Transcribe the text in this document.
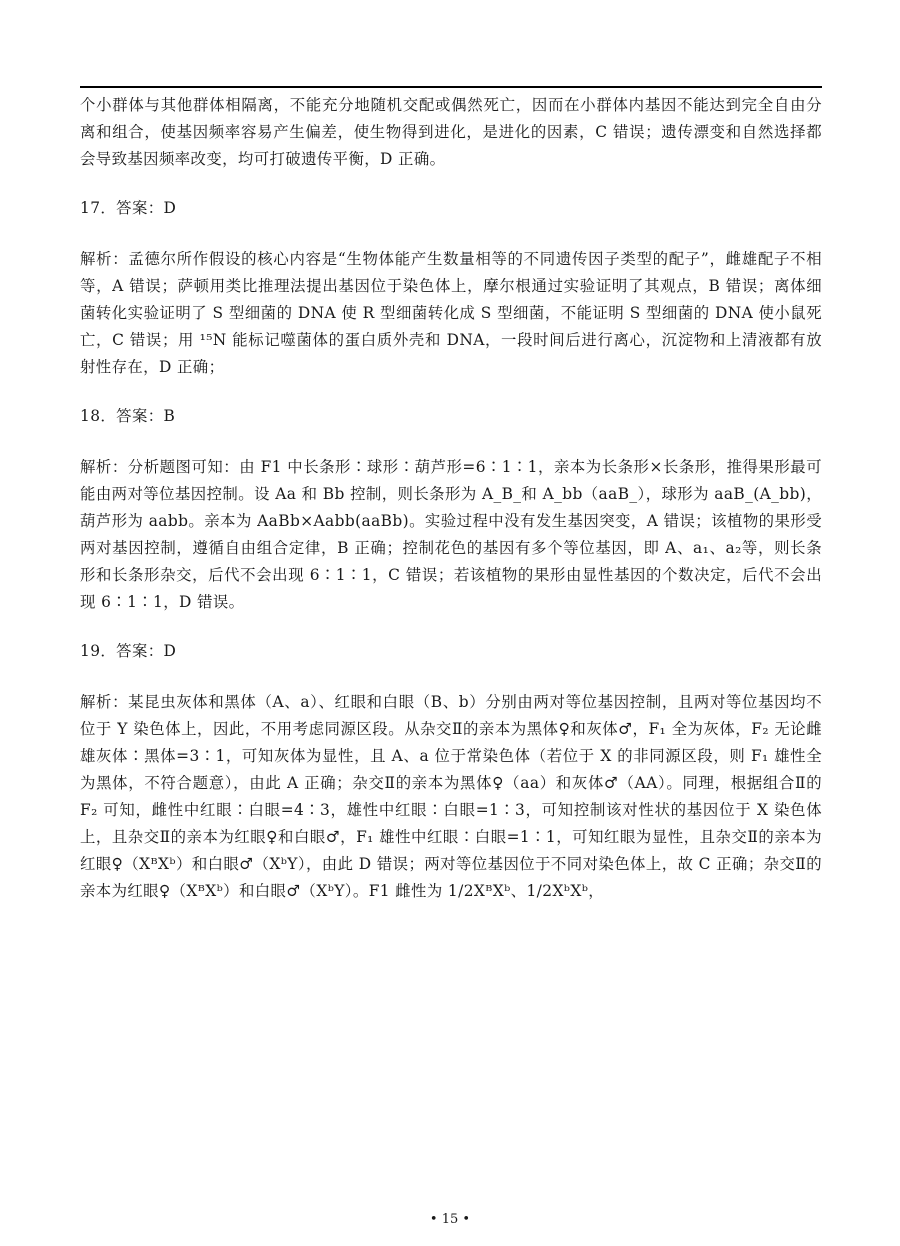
个小群体与其他群体相隔离，不能充分地随机交配或偶然死亡，因而在小群体内基因不能达到完全自由分离和组合，使基因频率容易产生偏差，使生物得到进化，是进化的因素，C 错误；遗传漂变和自然选择都会导致基因频率改变，均可打破遗传平衡，D 正确。

17．答案：D

解析：孟德尔所作假设的核心内容是“生物体能产生数量相等的不同遗传因子类型的配子”，雌雄配子不相等，A 错误；萨顿用类比推理法提出基因位于染色体上，摩尔根通过实验证明了其观点，B 错误；离体细菌转化实验证明了 S 型细菌的 DNA 使 R 型细菌转化成 S 型细菌，不能证明 S 型细菌的 DNA 使小鼠死亡，C 错误；用 ¹⁵N 能标记噬菌体的蛋白质外壳和 DNA，一段时间后进行离心，沉淀物和上清液都有放射性存在，D 正确；

18．答案：B

解析：分析题图可知：由 F1 中长条形∶球形∶葫芦形=6∶1∶1，亲本为长条形×长条形，推得果形最可能由两对等位基因控制。设 Aa 和 Bb 控制，则长条形为 A_B_和 A_bb（aaB_），球形为 aaB_(A_bb)，葫芦形为 aabb。亲本为 AaBb×Aabb(aaBb)。实验过程中没有发生基因突变，A 错误；该植物的果形受两对基因控制，遵循自由组合定律，B 正确；控制花色的基因有多个等位基因，即 A、a₁、a₂等，则长条形和长条形杂交，后代不会出现 6∶1∶1，C 错误；若该植物的果形由显性基因的个数决定，后代不会出现 6∶1∶1，D 错误。

19．答案：D

解析：某昆虫灰体和黑体（A、a）、红眼和白眼（B、b）分别由两对等位基因控制，且两对等位基因均不位于 Y 染色体上，因此，不用考虑同源区段。从杂交Ⅱ的亲本为黑体♀和灰体♂，F₁ 全为灰体，F₂ 无论雌雄灰体∶黑体=3∶1，可知灰体为显性，且 A、a 位于常染色体（若位于 X 的非同源区段，则 F₁ 雄性全为黑体，不符合题意），由此 A 正确；杂交Ⅱ的亲本为黑体♀（aa）和灰体♂（AA）。同理，根据组合Ⅱ的 F₂ 可知，雌性中红眼∶白眼=4∶3，雄性中红眼∶白眼=1∶3，可知控制该对性状的基因位于 X 染色体上，且杂交Ⅱ的亲本为红眼♀和白眼♂，F₁ 雄性中红眼∶白眼=1∶1，可知红眼为显性，且杂交Ⅱ的亲本为红眼♀（XᴮXᵇ）和白眼♂（XᵇY），由此 D 错误；两对等位基因位于不同对染色体上，故 C 正确；杂交Ⅱ的亲本为红眼♀（XᴮXᵇ）和白眼♂（XᵇY）。F1 雌性为 1/2XᴮXᵇ、1/2XᵇXᵇ，

• 15 •
